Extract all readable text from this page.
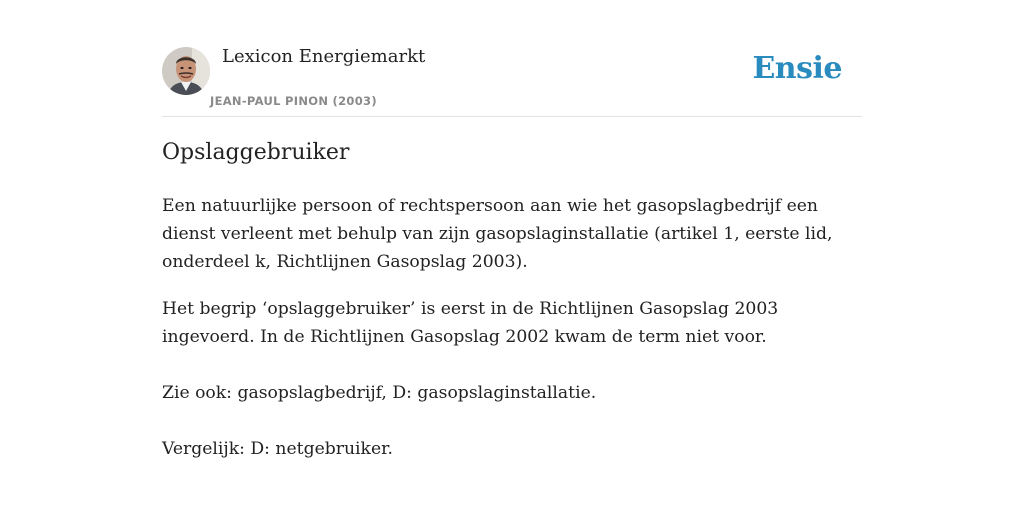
Lexicon Energiemarkt
JEAN-PAUL PINON (2003)
Ensie
Opslaggebruiker

Een natuurlijke persoon of rechtspersoon aan wie het gasopslagbedrijf een dienst verleent met behulp van zijn gasopslaginstallatie (artikel 1, eerste lid, onderdeel k, Richtlijnen Gasopslag 2003).

Het begrip ‘opslaggebruiker’ is eerst in de Richtlijnen Gasopslag 2003 ingevoerd. In de Richtlijnen Gasopslag 2002 kwam de term niet voor.

Zie ook: gasopslagbedrijf, D: gasopslaginstallatie.

Vergelijk: D: netgebruiker.
